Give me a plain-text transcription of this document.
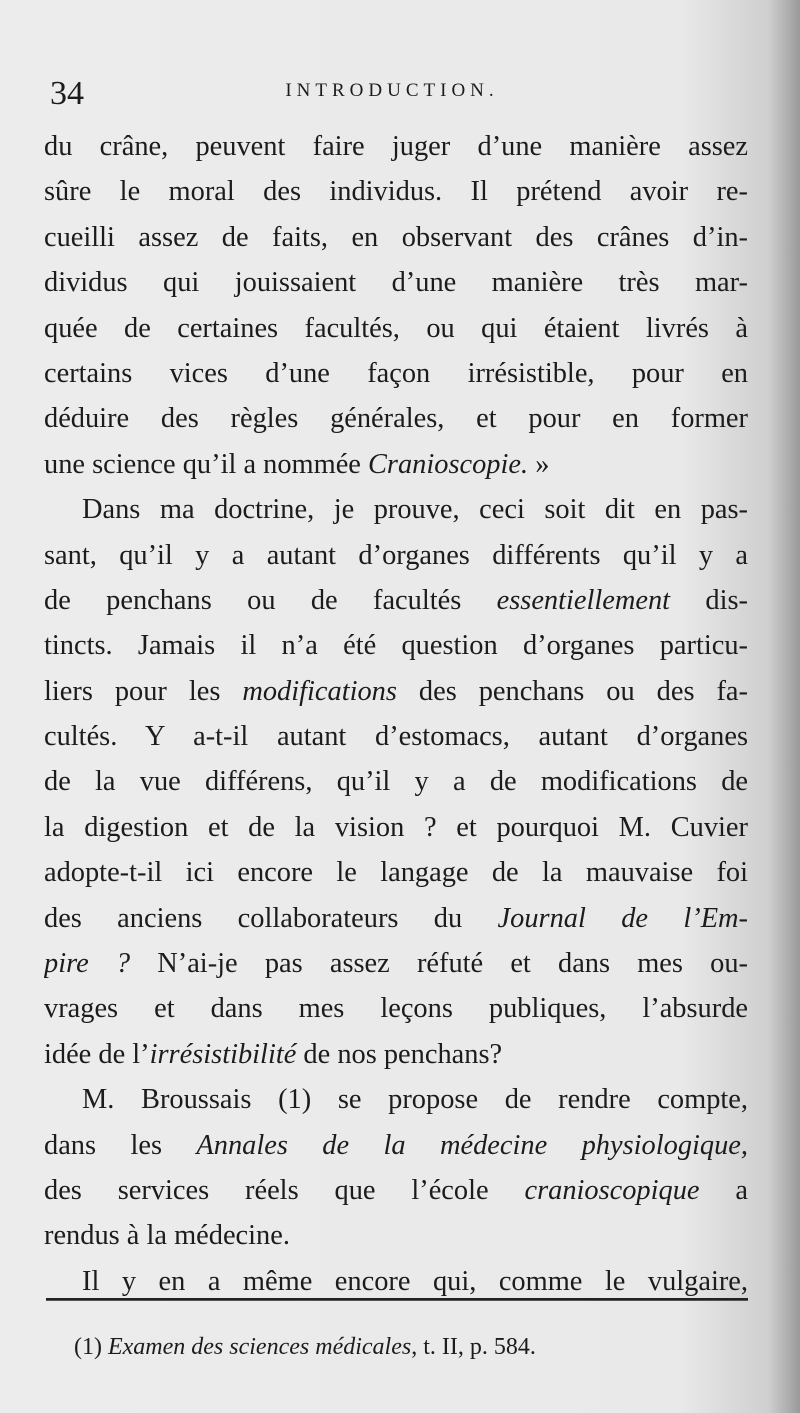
34	INTRODUCTION.
du crâne, peuvent faire juger d’une manière assez
sûre le moral des individus. Il prétend avoir re-
cueilli assez de faits, en observant des crânes d’in-
dividus qui jouissaient d’une manière très mar-
quée de certaines facultés, ou qui étaient livrés à
certains vices d’une façon irrésistible, pour en
déduire des règles générales, et pour en former
une science qu’il a nommée Cranioscopie. »
Dans ma doctrine, je prouve, ceci soit dit en pas-
sant, qu’il y a autant d’organes différents qu’il y a
de penchans ou de facultés essentiellement dis-
tincts. Jamais il n’a été question d’organes particu-
liers pour les modifications des penchans ou des fa-
cultés. Y a-t-il autant d’estomacs, autant d’organes
de la vue différens, qu’il y a de modifications de
la digestion et de la vision ? et pourquoi M. Cuvier
adopte-t-il ici encore le langage de la mauvaise foi
des anciens collaborateurs du Journal de l’Em-
pire ? N’ai-je pas assez réfuté et dans mes ou-
vrages et dans mes leçons publiques, l’absurde
idée de l’irrésistibilité de nos penchans?
M. Broussais (1) se propose de rendre compte,
dans les Annales de la médecine physiologique,
des services réels que l’école cranioscopique a
rendus à la médecine.
Il y en a même encore qui, comme le vulgaire,
(1) Examen des sciences médicales, t. II, p. 584.
